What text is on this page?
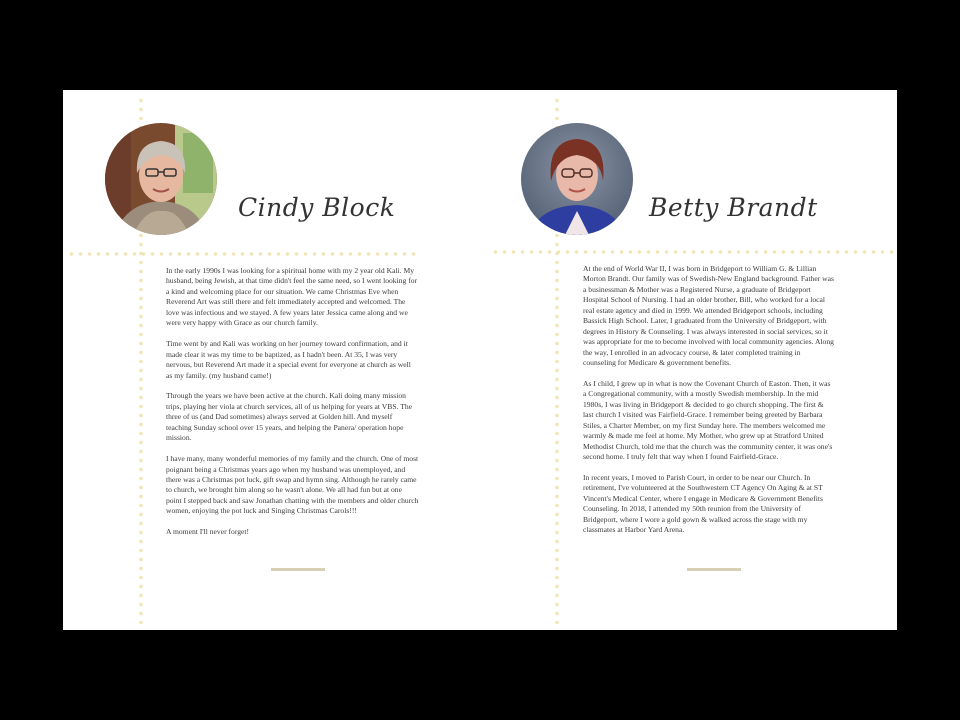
Cindy Block

In the early 1990s I was looking for a spiritual home with my 2 year old Kali. My husband, being Jewish, at that time didn't feel the same need, so I went looking for a kind and welcoming place for our situation. We came Christmas Eve when Reverend Art was still there and felt immediately accepted and welcomed. The love was infectious and we stayed. A few years later Jessica came along and we were very happy with Grace as our church family.

Time went by and Kali was working on her journey toward confirmation, and it made clear it was my time to be baptized, as I hadn't been. At 35, I was very nervous, but Reverend Art made it a special event for everyone at church as well as my family. (my husband came!)

Through the years we have been active at the church. Kali doing many mission trips, playing her viola at church services, all of us helping for years at VBS. The three of us (and Dad sometimes) always served at Golden hill. And myself teaching Sunday school over 15 years, and helping the Panera/ operation hope mission.

I have many, many wonderful memories of my family and the church. One of most poignant being a Christmas years ago when my husband was unemployed, and there was a Christmas pot luck, gift swap and hymn sing. Although he rarely came to church, we brought him along so he wasn't alone. We all had fun but at one point I stepped back and saw Jonathan chatting with the members and older church women, enjoying the pot luck and Singing Christmas Carols!!!

A moment I'll never forget!

Betty Brandt

At the end of World War II, I was born in Bridgeport to William G. & Lillian Morton Brandt. Our family was of Swedish-New England background. Father was a businessman & Mother was a Registered Nurse, a graduate of Bridgeport Hospital School of Nursing. I had an older brother, Bill, who worked for a local real estate agency and died in 1999. We attended Bridgeport schools, including Bassick High School. Later, I graduated from the University of Bridgeport, with degrees in History & Counseling. I was always interested in social services, so it was appropriate for me to become involved with local community agencies. Along the way, I enrolled in an advocacy course, & later completed training in counseling for Medicare & government benefits.

As I child, I grew up in what is now the Covenant Church of Easton. Then, it was a Congregational community, with a mostly Swedish membership. In the mid 1980s, I was living in Bridgeport & decided to go church shopping. The first & last church I visited was Fairfield-Grace. I remember being greeted by Barbara Stiles, a Charter Member, on my first Sunday here. The members welcomed me warmly & made me feel at home. My Mother, who grew up at Stratford United Methodist Church, told me that the church was the community center, it was one's second home. I truly felt that way when I found Fairfield-Grace.

In recent years, I moved to Parish Court, in order to be near our Church. In retirement, I've volunteered at the Southwestern CT Agency On Aging & at ST Vincent's Medical Center, where I engage in Medicare & Government Benefits Counseling. In 2018, I attended my 50th reunion from the University of Bridgeport, where I wore a gold gown & walked across the stage with my classmates at Harbor Yard Arena.
